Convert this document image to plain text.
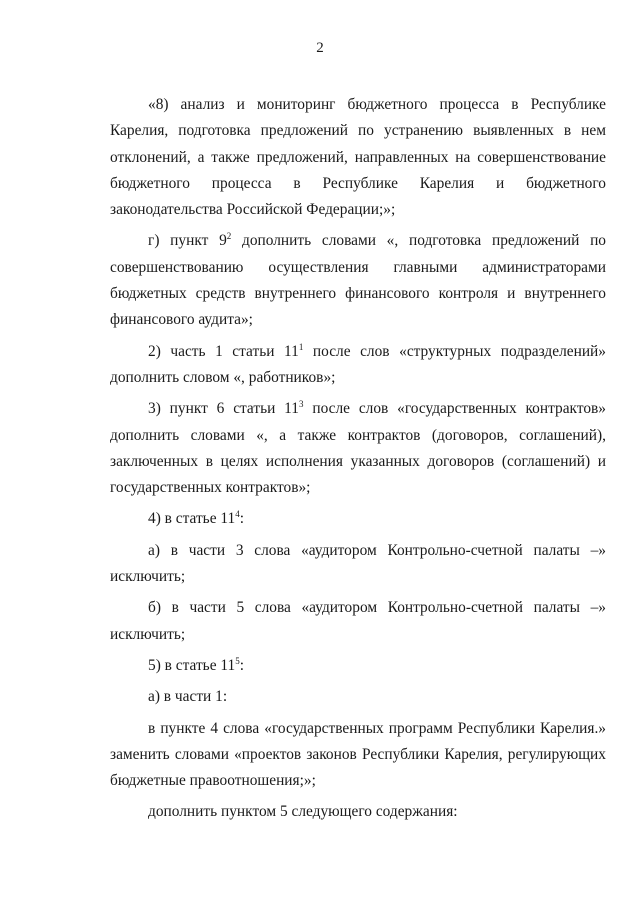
2

«8) анализ и мониторинг бюджетного процесса в Республике Карелия, подготовка предложений по устранению выявленных в нем отклонений, а также предложений, направленных на совершенствование бюджетного процесса в Республике Карелия и бюджетного законодательства Российской Федерации;»;

г) пункт $9^2$ дополнить словами «, подготовка предложений по совершенствованию осуществления главными администраторами бюджетных средств внутреннего финансового контроля и внутреннего финансового аудита»;

2) часть 1 статьи $11^1$ после слов «структурных подразделений» дополнить словом «, работников»;

3) пункт 6 статьи $11^3$ после слов «государственных контрактов» дополнить словами «, а также контрактов (договоров, соглашений), заключенных в целях исполнения указанных договоров (соглашений) и государственных контрактов»;

4) в статье $11^4$:

а) в части 3 слова «аудитором Контрольно-счетной палаты –» исключить;

б) в части 5 слова «аудитором Контрольно-счетной палаты –» исключить;

5) в статье $11^5$:

а) в части 1:

в пункте 4 слова «государственных программ Республики Карелия.» заменить словами «проектов законов Республики Карелия, регулирующих бюджетные правоотношения;»;

дополнить пунктом 5 следующего содержания:
